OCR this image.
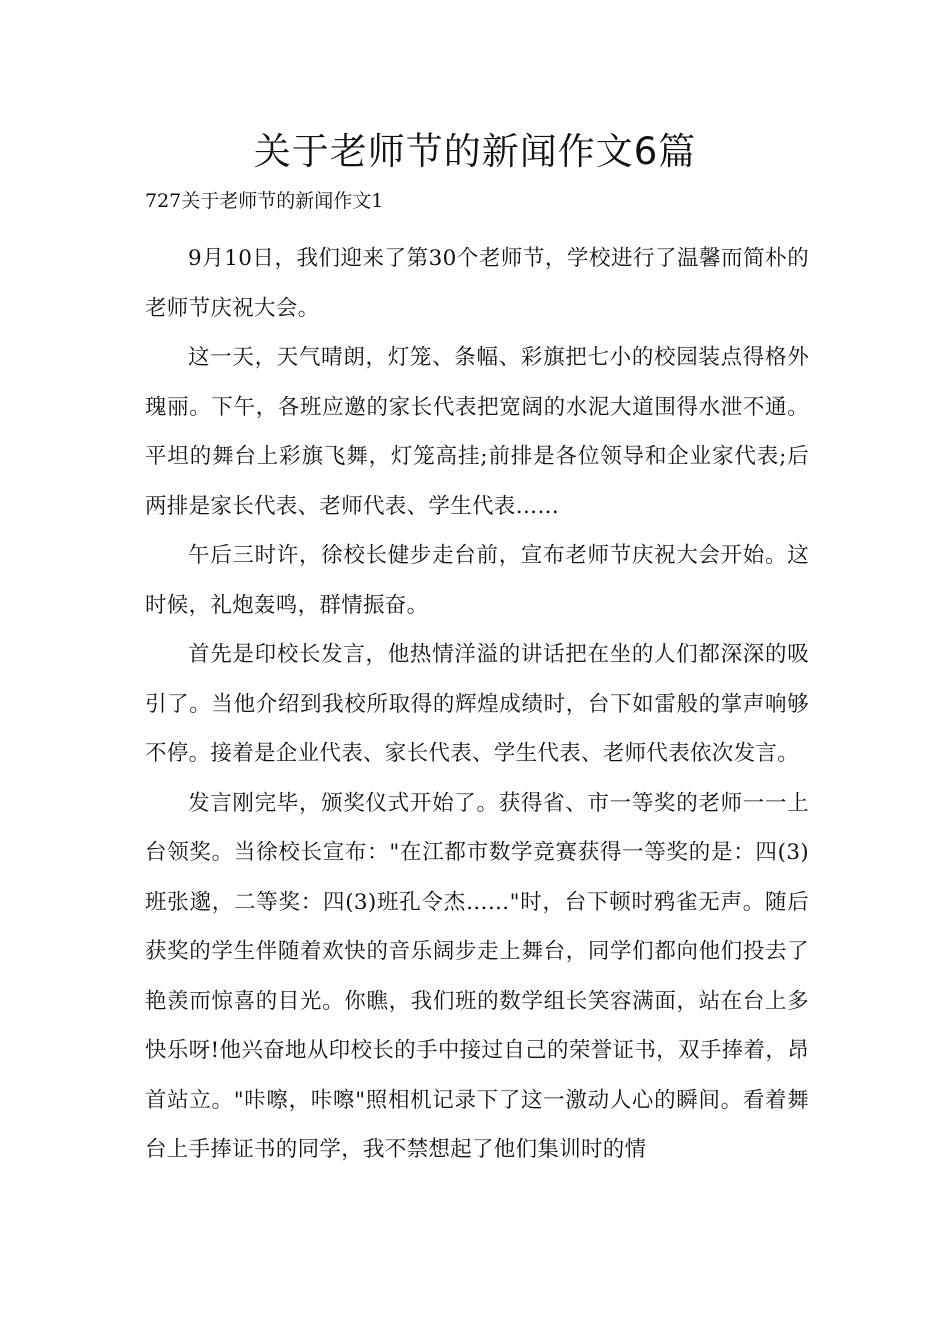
关于老师节的新闻作文6篇

727关于老师节的新闻作文1

9月10日，我们迎来了第30个老师节，学校进行了温馨而简朴的老师节庆祝大会。

这一天，天气晴朗，灯笼、条幅、彩旗把七小的校园装点得格外瑰丽。下午，各班应邀的家长代表把宽阔的水泥大道围得水泄不通。平坦的舞台上彩旗飞舞，灯笼高挂;前排是各位领导和企业家代表;后两排是家长代表、老师代表、学生代表……

午后三时许，徐校长健步走台前，宣布老师节庆祝大会开始。这时候，礼炮轰鸣，群情振奋。

首先是印校长发言，他热情洋溢的讲话把在坐的人们都深深的吸引了。当他介绍到我校所取得的辉煌成绩时，台下如雷般的掌声响够不停。接着是企业代表、家长代表、学生代表、老师代表依次发言。

发言刚完毕，颁奖仪式开始了。获得省、市一等奖的老师一一上台领奖。当徐校长宣布："在江都市数学竞赛获得一等奖的是：四(3)班张邈，二等奖：四(3)班孔令杰……"时，台下顿时鸦雀无声。随后获奖的学生伴随着欢快的音乐阔步走上舞台，同学们都向他们投去了艳羡而惊喜的目光。你瞧，我们班的数学组长笑容满面，站在台上多快乐呀!他兴奋地从印校长的手中接过自己的荣誉证书，双手捧着，昂首站立。"咔嚓，咔嚓"照相机记录下了这一激动人心的瞬间。看着舞台上手捧证书的同学，我不禁想起了他们集训时的情
